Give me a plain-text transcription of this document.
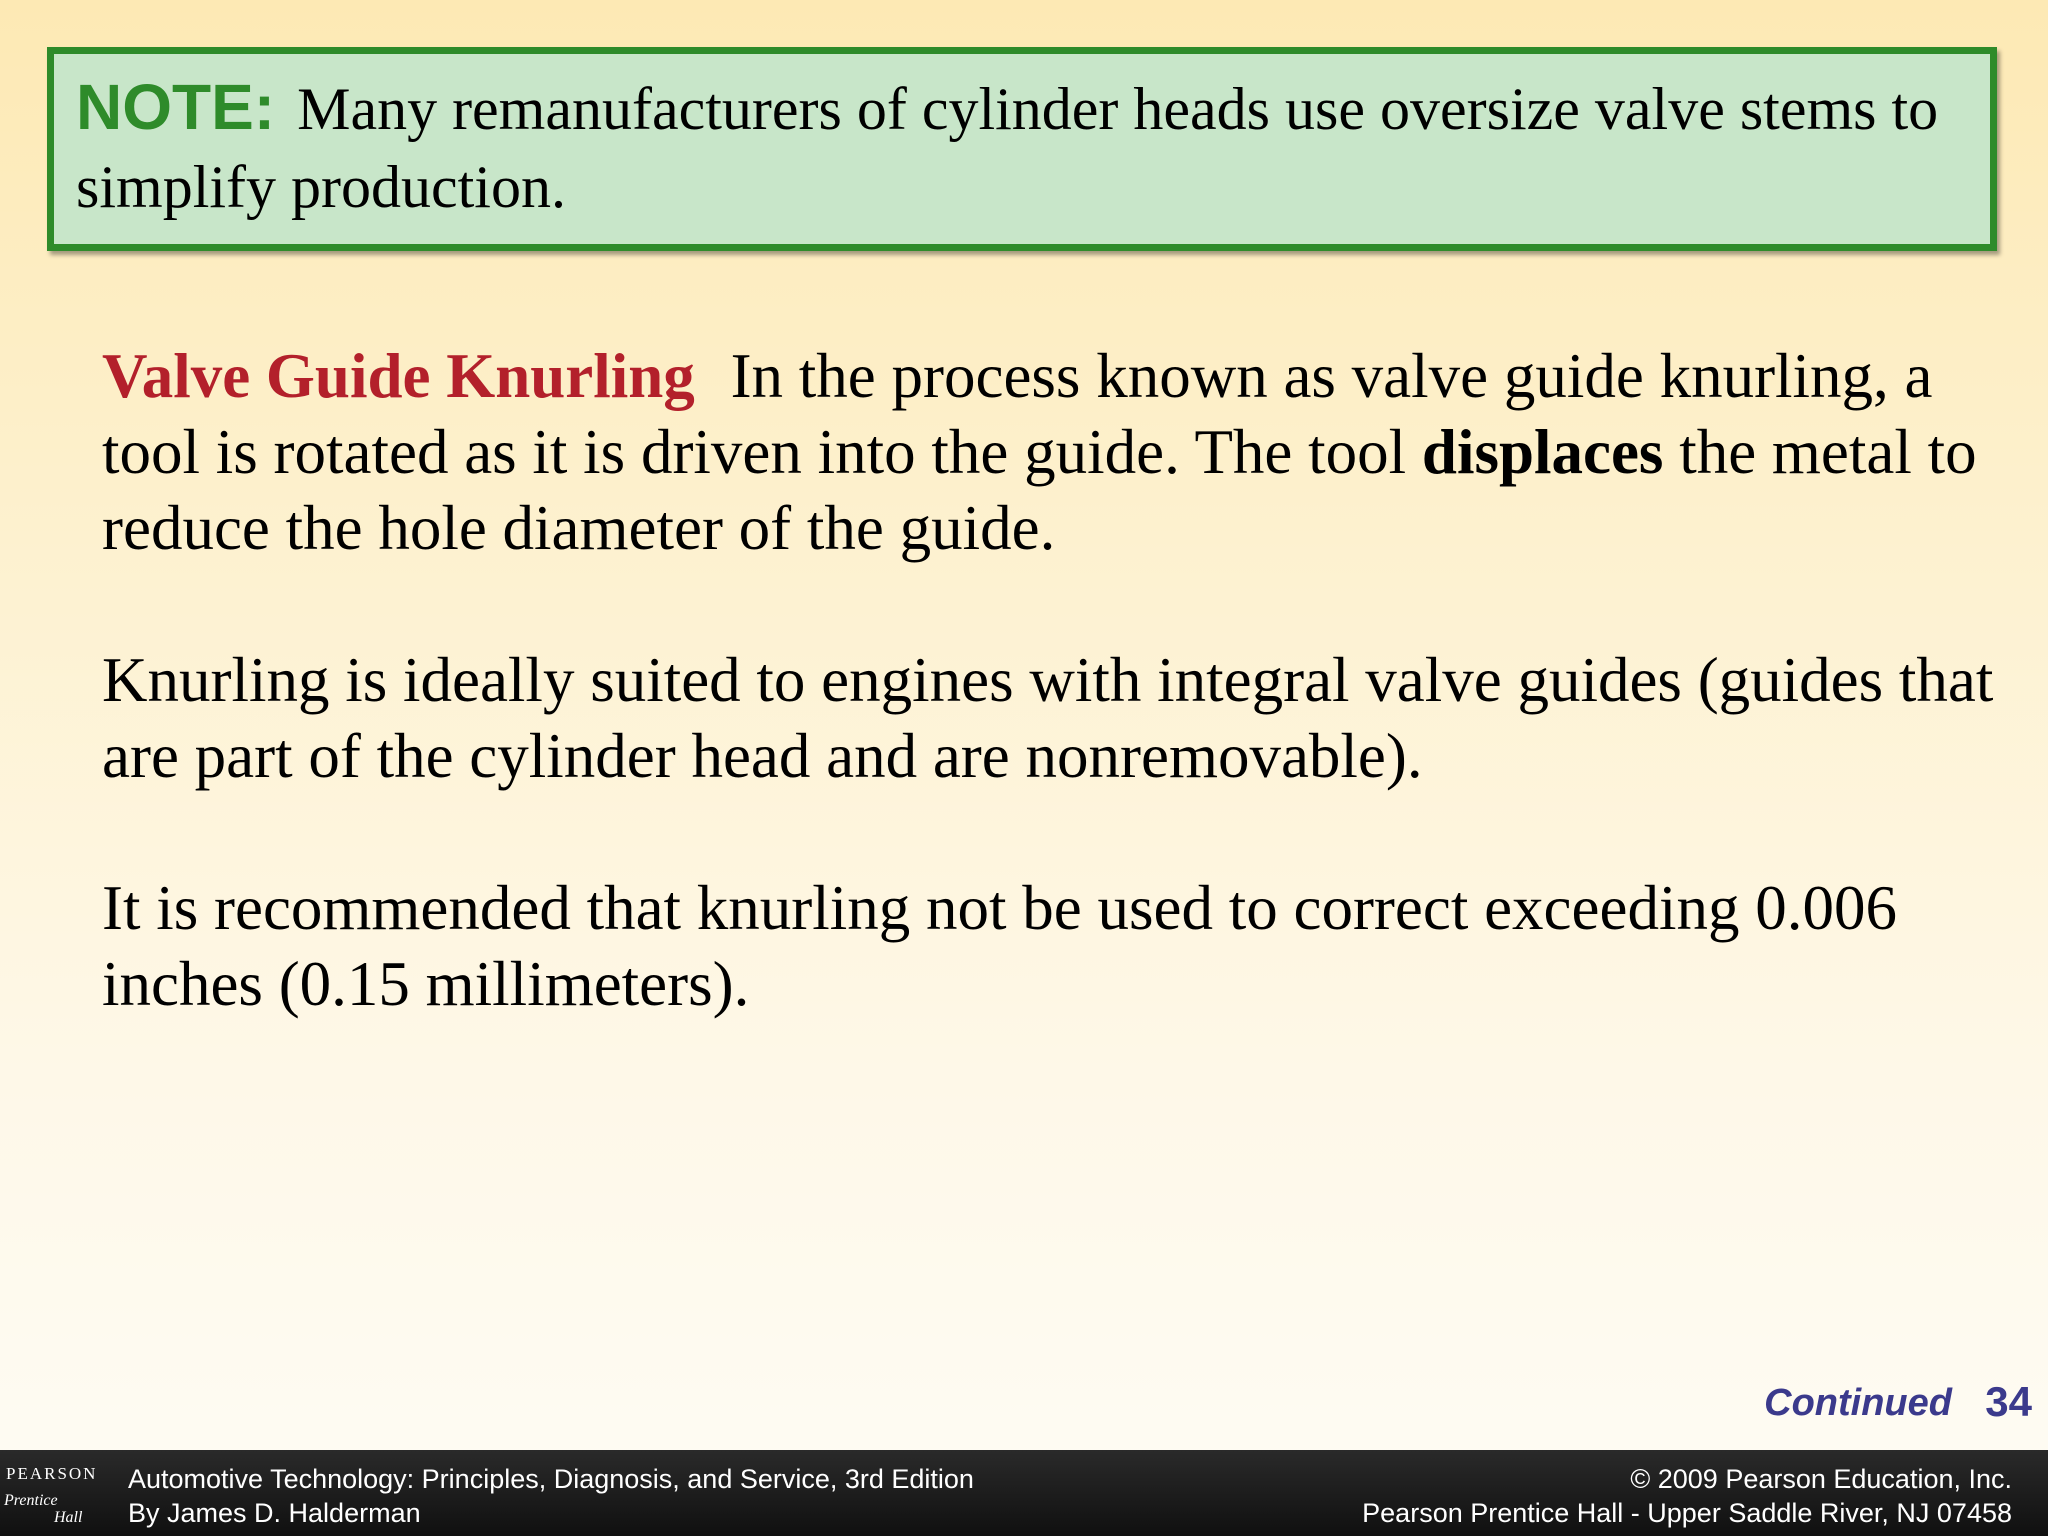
NOTE: Many remanufacturers of cylinder heads use oversize valve stems to simplify production.

Valve Guide Knurling In the process known as valve guide knurling, a tool is rotated as it is driven into the guide. The tool displaces the metal to reduce the hole diameter of the guide.

Knurling is ideally suited to engines with integral valve guides (guides that are part of the cylinder head and are nonremovable).

It is recommended that knurling not be used to correct exceeding 0.006 inches (0.15 millimeters).

Continued 34
PEARSON
Prentice
Hall
Automotive Technology: Principles, Diagnosis, and Service, 3rd Edition
By James D. Halderman
© 2009 Pearson Education, Inc.
Pearson Prentice Hall - Upper Saddle River, NJ 07458
